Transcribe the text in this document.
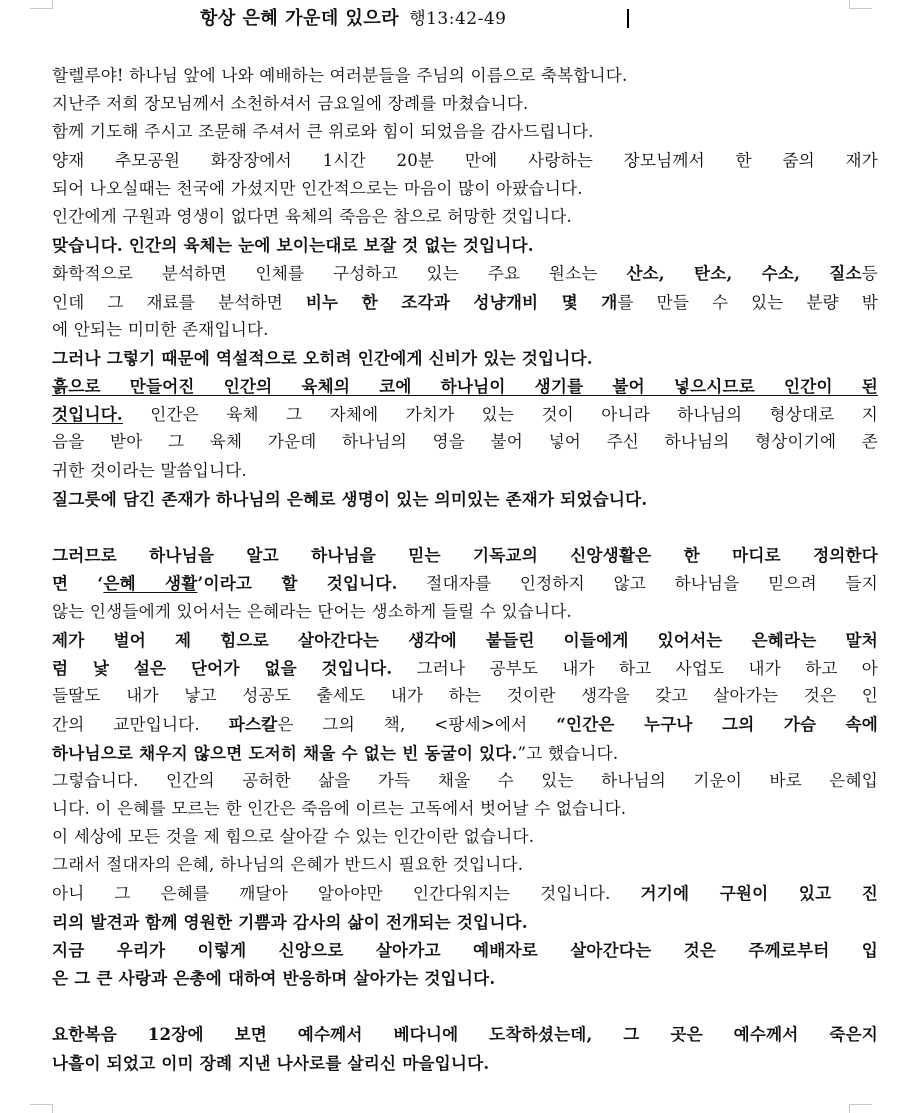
항상 은혜 가운데 있으라 행13:42-49
할렐루야! 하나님 앞에 나와 예배하는 여러분들을 주님의 이름으로 축복합니다.
지난주 저희 장모님께서 소천하셔서 금요일에 장례를 마쳤습니다.
함께 기도해 주시고 조문해 주셔서 큰 위로와 힘이 되었음을 감사드립니다.
양재 추모공원 화장장에서 1시간 20분 만에 사랑하는 장모님께서 한 줌의 재가
되어 나오실때는 천국에 가셨지만 인간적으로는 마음이 많이 아팠습니다.
인간에게 구원과 영생이 없다면 육체의 죽음은 참으로 허망한 것입니다.
맞습니다. 인간의 육체는 눈에 보이는대로 보잘 것 없는 것입니다.
화학적으로 분석하면 인체를 구성하고 있는 주요 원소는 산소, 탄소, 수소, 질소등
인데 그 재료를 분석하면 비누 한 조각과 성냥개비 몇 개를 만들 수 있는 분량 밖
에 안되는 미미한 존재입니다.
그러나 그렇기 때문에 역설적으로 오히려 인간에게 신비가 있는 것입니다.
흙으로 만들어진 인간의 육체의 코에 하나님이 생기를 불어 넣으시므로 인간이 된
것입니다. 인간은 육체 그 자체에 가치가 있는 것이 아니라 하나님의 형상대로 지
음을 받아 그 육체 가운데 하나님의 영을 불어 넣어 주신 하나님의 형상이기에 존
귀한 것이라는 말씀입니다.
질그릇에 담긴 존재가 하나님의 은혜로 생명이 있는 의미있는 존재가 되었습니다.
그러므로 하나님을 알고 하나님을 믿는 기독교의 신앙생활은 한 마디로 정의한다
면 ‘은혜 생활’이라고 할 것입니다. 절대자를 인정하지 않고 하나님을 믿으려 들지
않는 인생들에게 있어서는 은혜라는 단어는 생소하게 들릴 수 있습니다.
제가 벌어 제 힘으로 살아간다는 생각에 붙들린 이들에게 있어서는 은혜라는 말처
럼 낯 설은 단어가 없을 것입니다. 그러나 공부도 내가 하고 사업도 내가 하고 아
들딸도 내가 낳고 성공도 출세도 내가 하는 것이란 생각을 갖고 살아가는 것은 인
간의 교만입니다. 파스칼은 그의 책, <팡세>에서 “인간은 누구나 그의 가슴 속에
하나님으로 채우지 않으면 도저히 채울 수 없는 빈 동굴이 있다.”고 했습니다.
그렇습니다. 인간의 공허한 삶을 가득 채울 수 있는 하나님의 기운이 바로 은혜입
니다. 이 은혜를 모르는 한 인간은 죽음에 이르는 고독에서 벗어날 수 없습니다.
이 세상에 모든 것을 제 힘으로 살아갈 수 있는 인간이란 없습니다.
그래서 절대자의 은혜, 하나님의 은혜가 반드시 필요한 것입니다.
아니 그 은혜를 깨달아 알아야만 인간다워지는 것입니다. 거기에 구원이 있고 진
리의 발견과 함께 영원한 기쁨과 감사의 삶이 전개되는 것입니다.
지금 우리가 이렇게 신앙으로 살아가고 예배자로 살아간다는 것은 주께로부터 입
은 그 큰 사랑과 은총에 대하여 반응하며 살아가는 것입니다.
요한복음 12장에 보면 예수께서 베다니에 도착하셨는데, 그 곳은 예수께서 죽은지
나흘이 되었고 이미 장례 지낸 나사로를 살리신 마을입니다.
